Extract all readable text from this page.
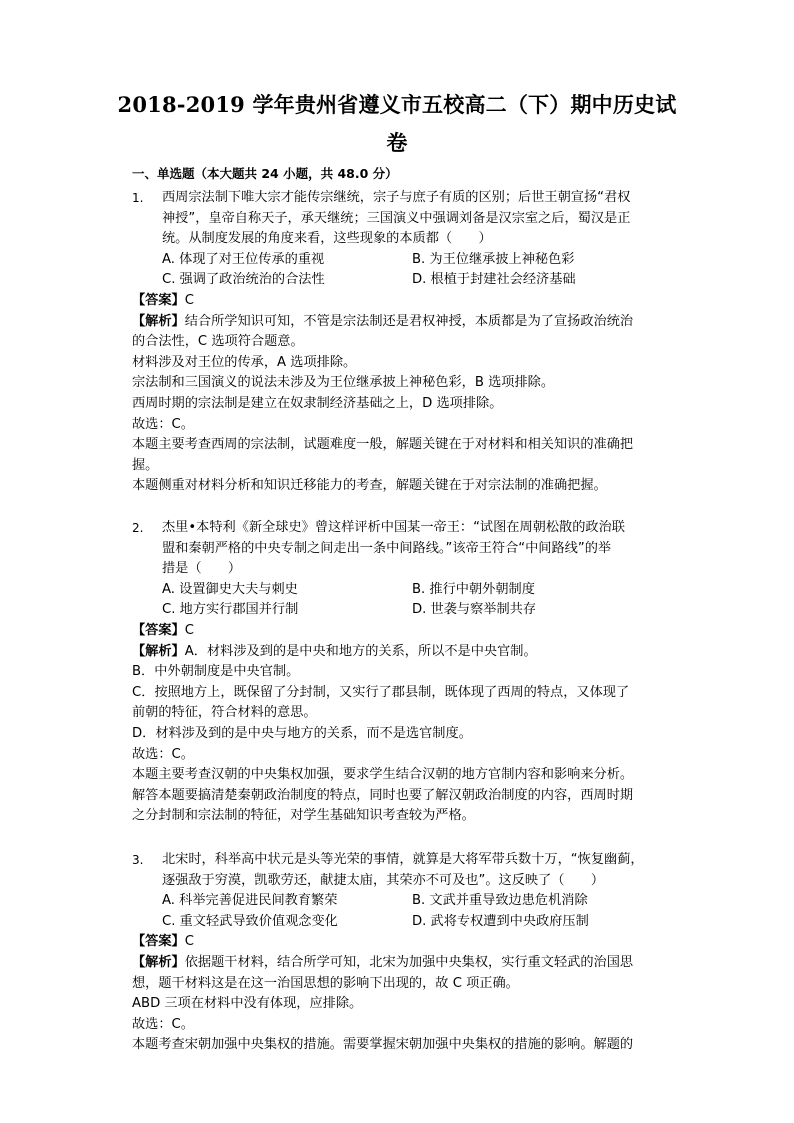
2018-2019 学年贵州省遵义市五校高二（下）期中历史试
卷
一、单选题（本大题共 24 小题，共 48.0 分）
1. 西周宗法制下唯大宗才能传宗继统，宗子与庶子有质的区别；后世王朝宣扬“君权
神授”，皇帝自称天子，承天继统；三国演义中强调刘备是汉宗室之后，蜀汉是正
统。从制度发展的角度来看，这些现象的本质都（　　）
A. 体现了对王位传承的重视	B. 为王位继承披上神秘色彩
C. 强调了政治统治的合法性	D. 根植于封建社会经济基础
【答案】C
【解析】结合所学知识可知，不管是宗法制还是君权神授，本质都是为了宣扬政治统治
的合法性，C 选项符合题意。
材料涉及对王位的传承，A 选项排除。
宗法制和三国演义的说法未涉及为王位继承披上神秘色彩，B 选项排除。
西周时期的宗法制是建立在奴隶制经济基础之上，D 选项排除。
故选：C。
本题主要考查西周的宗法制，试题难度一般，解题关键在于对材料和相关知识的准确把
握。
本题侧重对材料分析和知识迁移能力的考查，解题关键在于对宗法制的准确把握。
2. 杰里•本特利《新全球史》曾这样评析中国某一帝王：“试图在周朝松散的政治联
盟和秦朝严格的中央专制之间走出一条中间路线。”该帝王符合“中间路线”的举
措是（　　）
A. 设置御史大夫与刺史	B. 推行中朝外朝制度
C. 地方实行郡国并行制	D. 世袭与察举制共存
【答案】C
【解析】A．材料涉及到的是中央和地方的关系，所以不是中央官制。
B．中外朝制度是中央官制。
C．按照地方上，既保留了分封制，又实行了郡县制，既体现了西周的特点，又体现了
前朝的特征，符合材料的意思。
D．材料涉及到的是中央与地方的关系，而不是选官制度。
故选：C。
本题主要考查汉朝的中央集权加强，要求学生结合汉朝的地方官制内容和影响来分析。
解答本题要搞清楚秦朝政治制度的特点，同时也要了解汉朝政治制度的内容，西周时期
之分封制和宗法制的特征，对学生基础知识考查较为严格。
3. 北宋时，科举高中状元是头等光荣的事情，就算是大将军带兵数十万，“恢复幽蓟，
逐强敌于穷漠，凯歌劳还，献捷太庙，其荣亦不可及也”。这反映了（　　）
A. 科举完善促进民间教育繁荣	B. 文武并重导致边患危机消除
C. 重文轻武导致价值观念变化	D. 武将专权遭到中央政府压制
【答案】C
【解析】依据题干材料，结合所学可知，北宋为加强中央集权，实行重文轻武的治国思
想，题干材料这是在这一治国思想的影响下出现的，故 C 项正确。
ABD 三项在材料中没有体现，应排除。
故选：C。
本题考查宋朝加强中央集权的措施。需要掌握宋朝加强中央集权的措施的影响。解题的
